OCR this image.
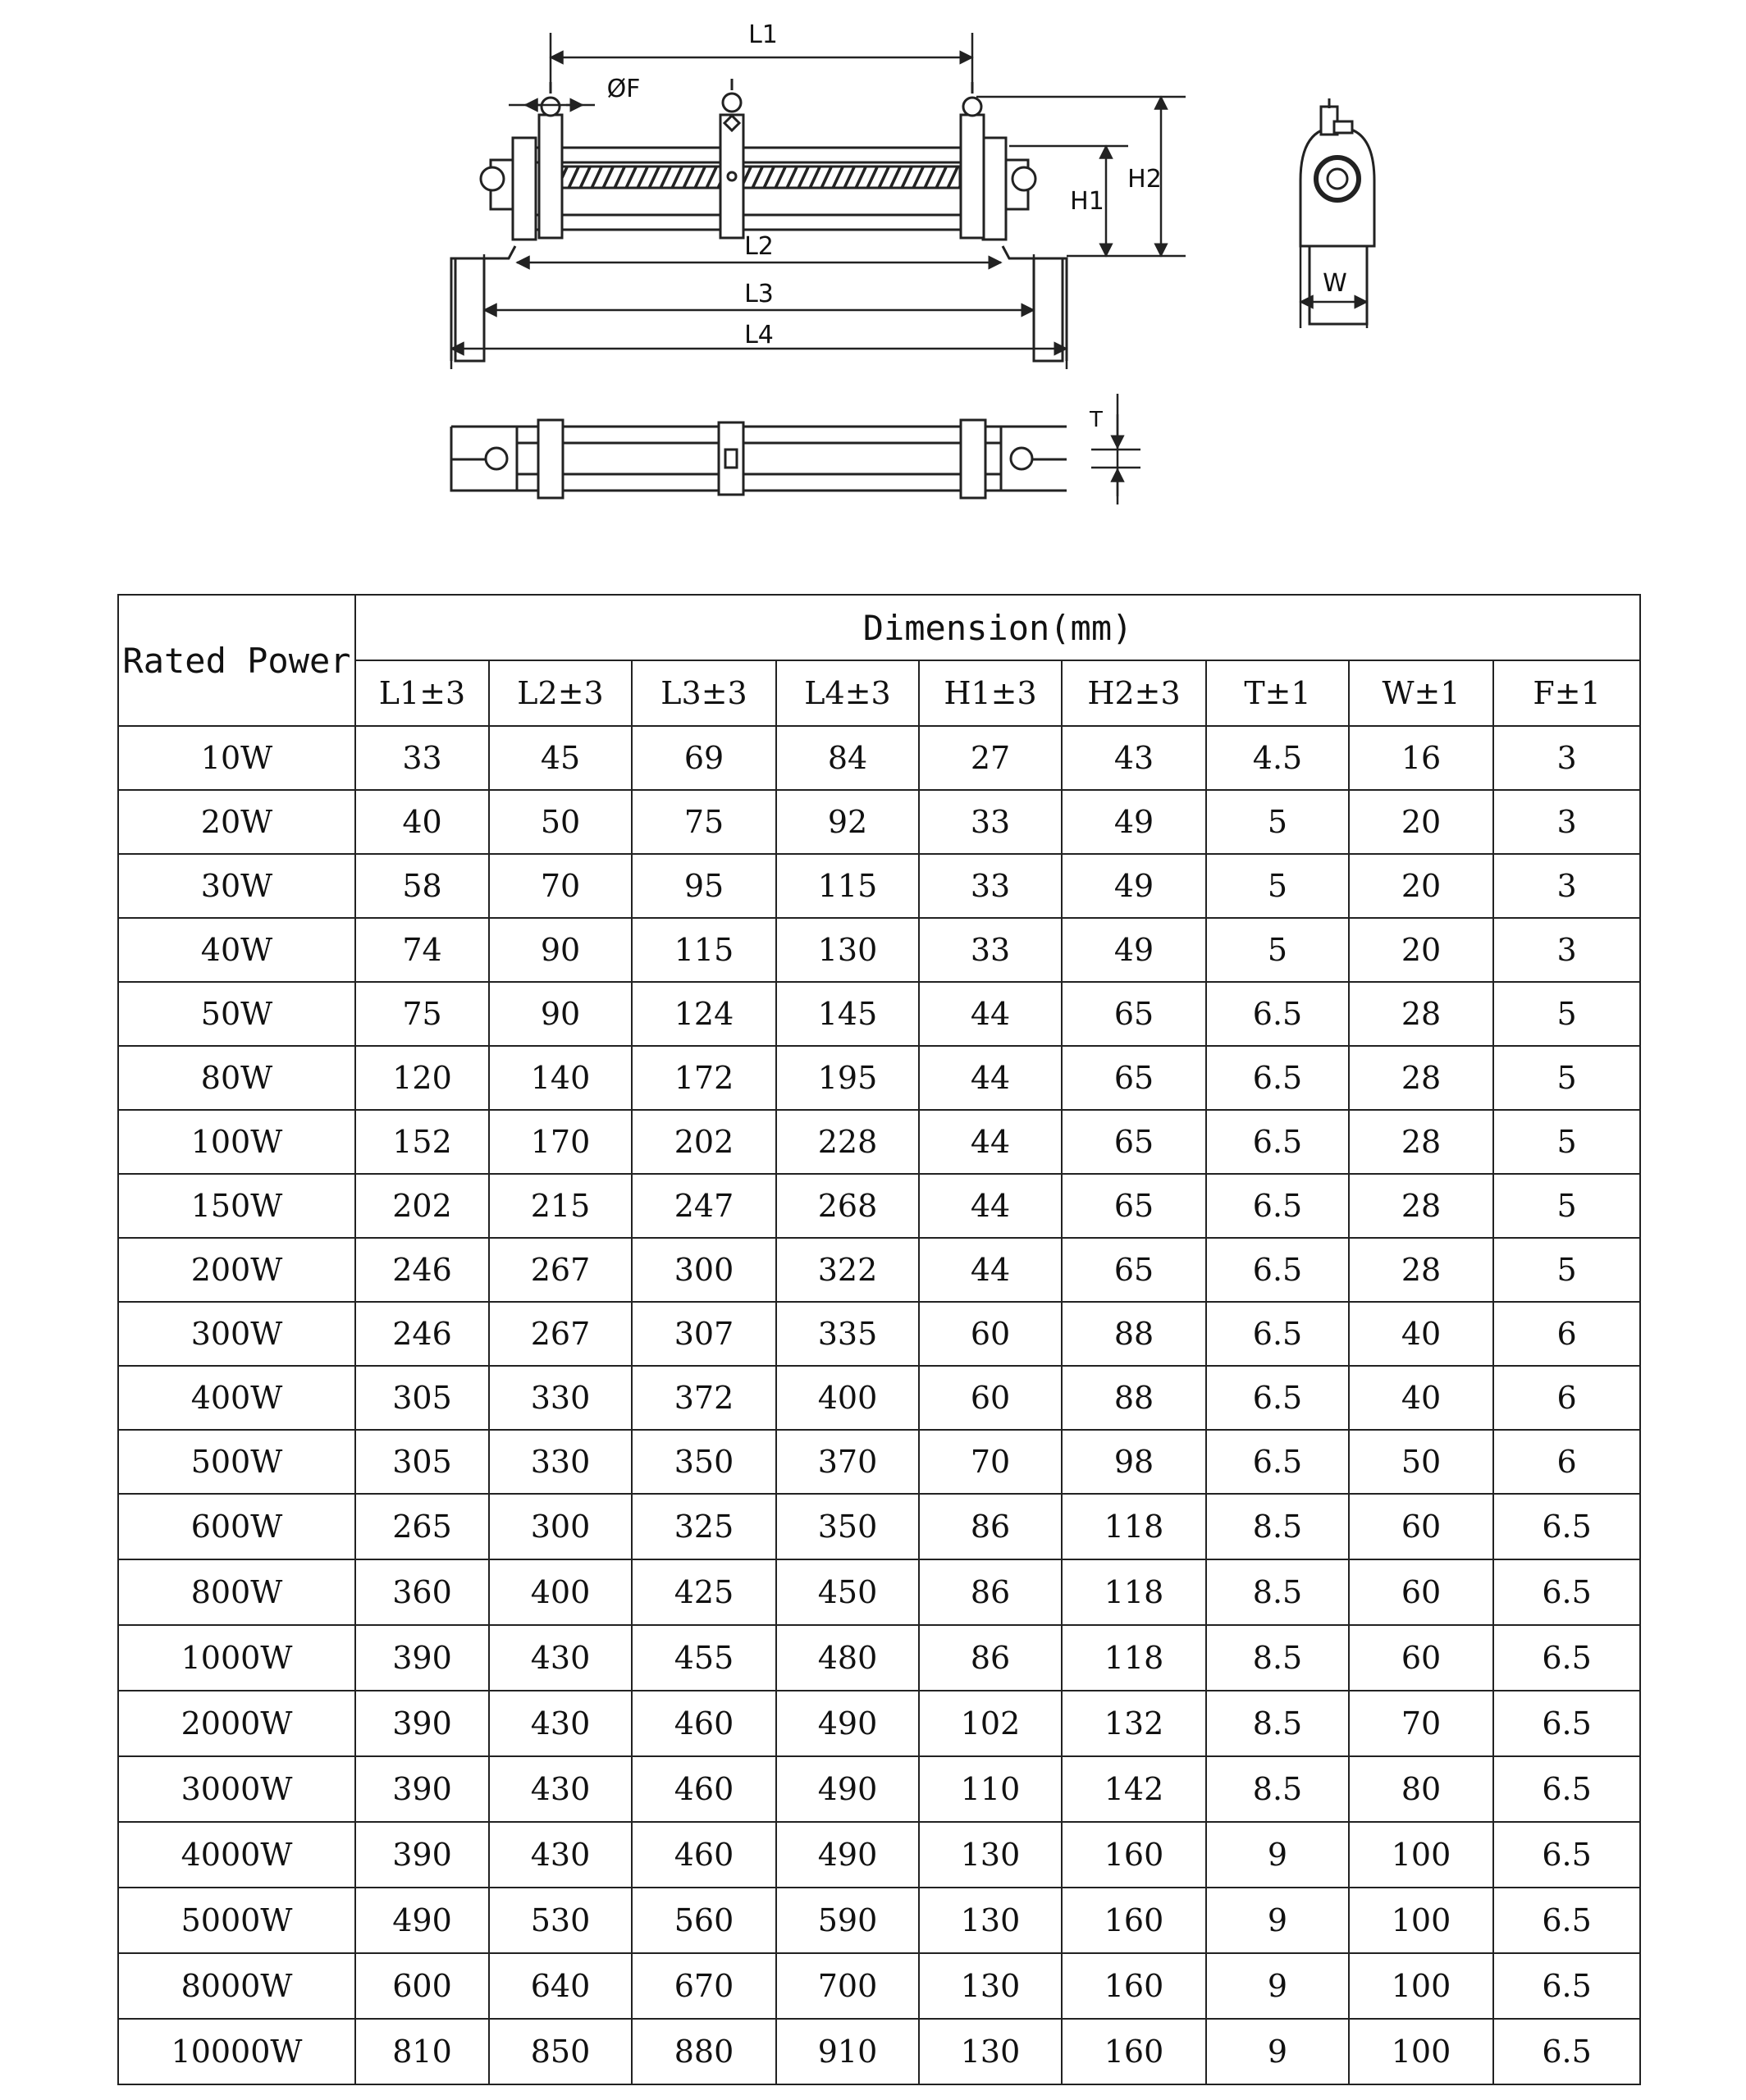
L1
ØF
L2
L3
L4
H1
H2
W
T
Rated Power	Dimension(mm)								
	L1±3	L2±3	L3±3	L4±3	H1±3	H2±3	T±1	W±1	F±1
10W	33	45	69	84	27	43	4.5	16	3
20W	40	50	75	92	33	49	5	20	3
30W	58	70	95	115	33	49	5	20	3
40W	74	90	115	130	33	49	5	20	3
50W	75	90	124	145	44	65	6.5	28	5
80W	120	140	172	195	44	65	6.5	28	5
100W	152	170	202	228	44	65	6.5	28	5
150W	202	215	247	268	44	65	6.5	28	5
200W	246	267	300	322	44	65	6.5	28	5
300W	246	267	307	335	60	88	6.5	40	6
400W	305	330	372	400	60	88	6.5	40	6
500W	305	330	350	370	70	98	6.5	50	6
600W	265	300	325	350	86	118	8.5	60	6.5
800W	360	400	425	450	86	118	8.5	60	6.5
1000W	390	430	455	480	86	118	8.5	60	6.5
2000W	390	430	460	490	102	132	8.5	70	6.5
3000W	390	430	460	490	110	142	8.5	80	6.5
4000W	390	430	460	490	130	160	9	100	6.5
5000W	490	530	560	590	130	160	9	100	6.5
8000W	600	640	670	700	130	160	9	100	6.5
10000W	810	850	880	910	130	160	9	100	6.5
